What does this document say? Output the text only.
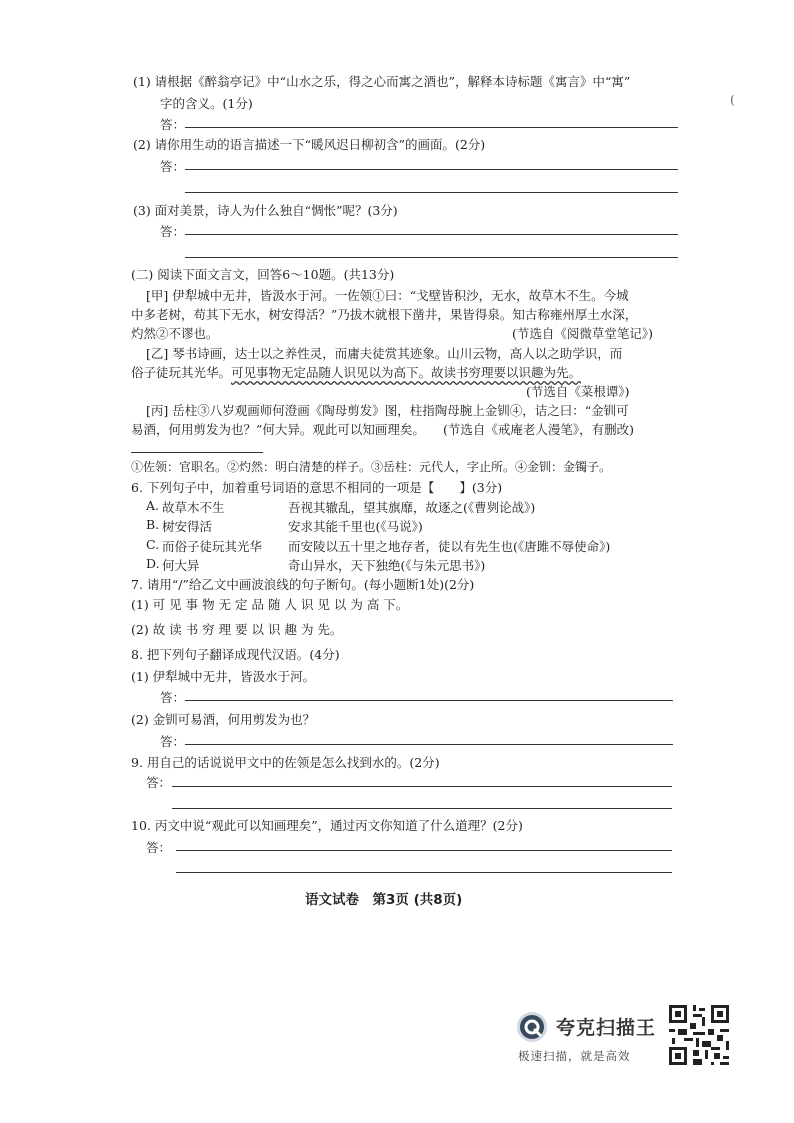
(1) 请根据《醉翁亭记》中“山水之乐，得之心而寓之酒也”，解释本诗标题《寓言》中“寓”
(
字的含义。(1分)
答：
(2) 请你用生动的语言描述一下“暖风迟日柳初含”的画面。(2分)
答：
(3) 面对美景，诗人为什么独自“惆怅”呢？(3分)
答：
(二) 阅读下面文言文，回答6～10题。(共13分)
[甲] 伊犁城中无井，皆汲水于河。一佐领①曰：“戈壁皆积沙，无水，故草木不生。今城
中多老树，苟其下无水，树安得活？”乃拔木就根下凿井，果皆得泉。知古称雍州厚土水深，
灼然②不谬也。	(节选自《阅微草堂笔记》)
[乙] 琴书诗画，达士以之养性灵，而庸夫徒赏其迹象。山川云物，高人以之助学识，而
俗子徒玩其光华。可见事物无定品随人识见以为高下。故读书穷理要以识趣为先。
(节选自《菜根谭》)
[丙] 岳柱③八岁观画师何澄画《陶母剪发》图，柱指陶母腕上金钏④，诘之曰：“金钏可
易酒，何用剪发为也？”何大异。观此可以知画理矣。 (节选自《戒庵老人漫笔》，有删改)
①佐领：官职名。②灼然：明白清楚的样子。③岳柱：元代人，字止所。④金钏：金镯子。
6. 下列句子中，加着重号词语的意思不相同的一项是【　　】(3分)
A. 故草木不生	吾视其辙乱，望其旗靡，故逐之(《曹刿论战》)
B. 树安得活	安求其能千里也(《马说》)
C. 而俗子徒玩其光华 而安陵以五十里之地存者，徒以有先生也(《唐雎不辱使命》)
D. 何大异	奇山异水，天下独绝(《与朱元思书》)
7. 请用“/”给乙文中画波浪线的句子断句。(每小题断1处)(2分)
(1) 可 见 事 物 无 定 品 随 人 识 见 以 为 高 下。
(2) 故 读 书 穷 理 要 以 识 趣 为 先。
8. 把下列句子翻译成现代汉语。(4分)
(1) 伊犁城中无井，皆汲水于河。
答：
(2) 金钏可易酒，何用剪发为也？
答：
9. 用自己的话说说甲文中的佐领是怎么找到水的。(2分)
答：
10. 丙文中说“观此可以知画理矣”，通过丙文你知道了什么道理？(2分)
答：
语文试卷　第3页 (共8页)
夸克扫描王
极速扫描，就是高效
